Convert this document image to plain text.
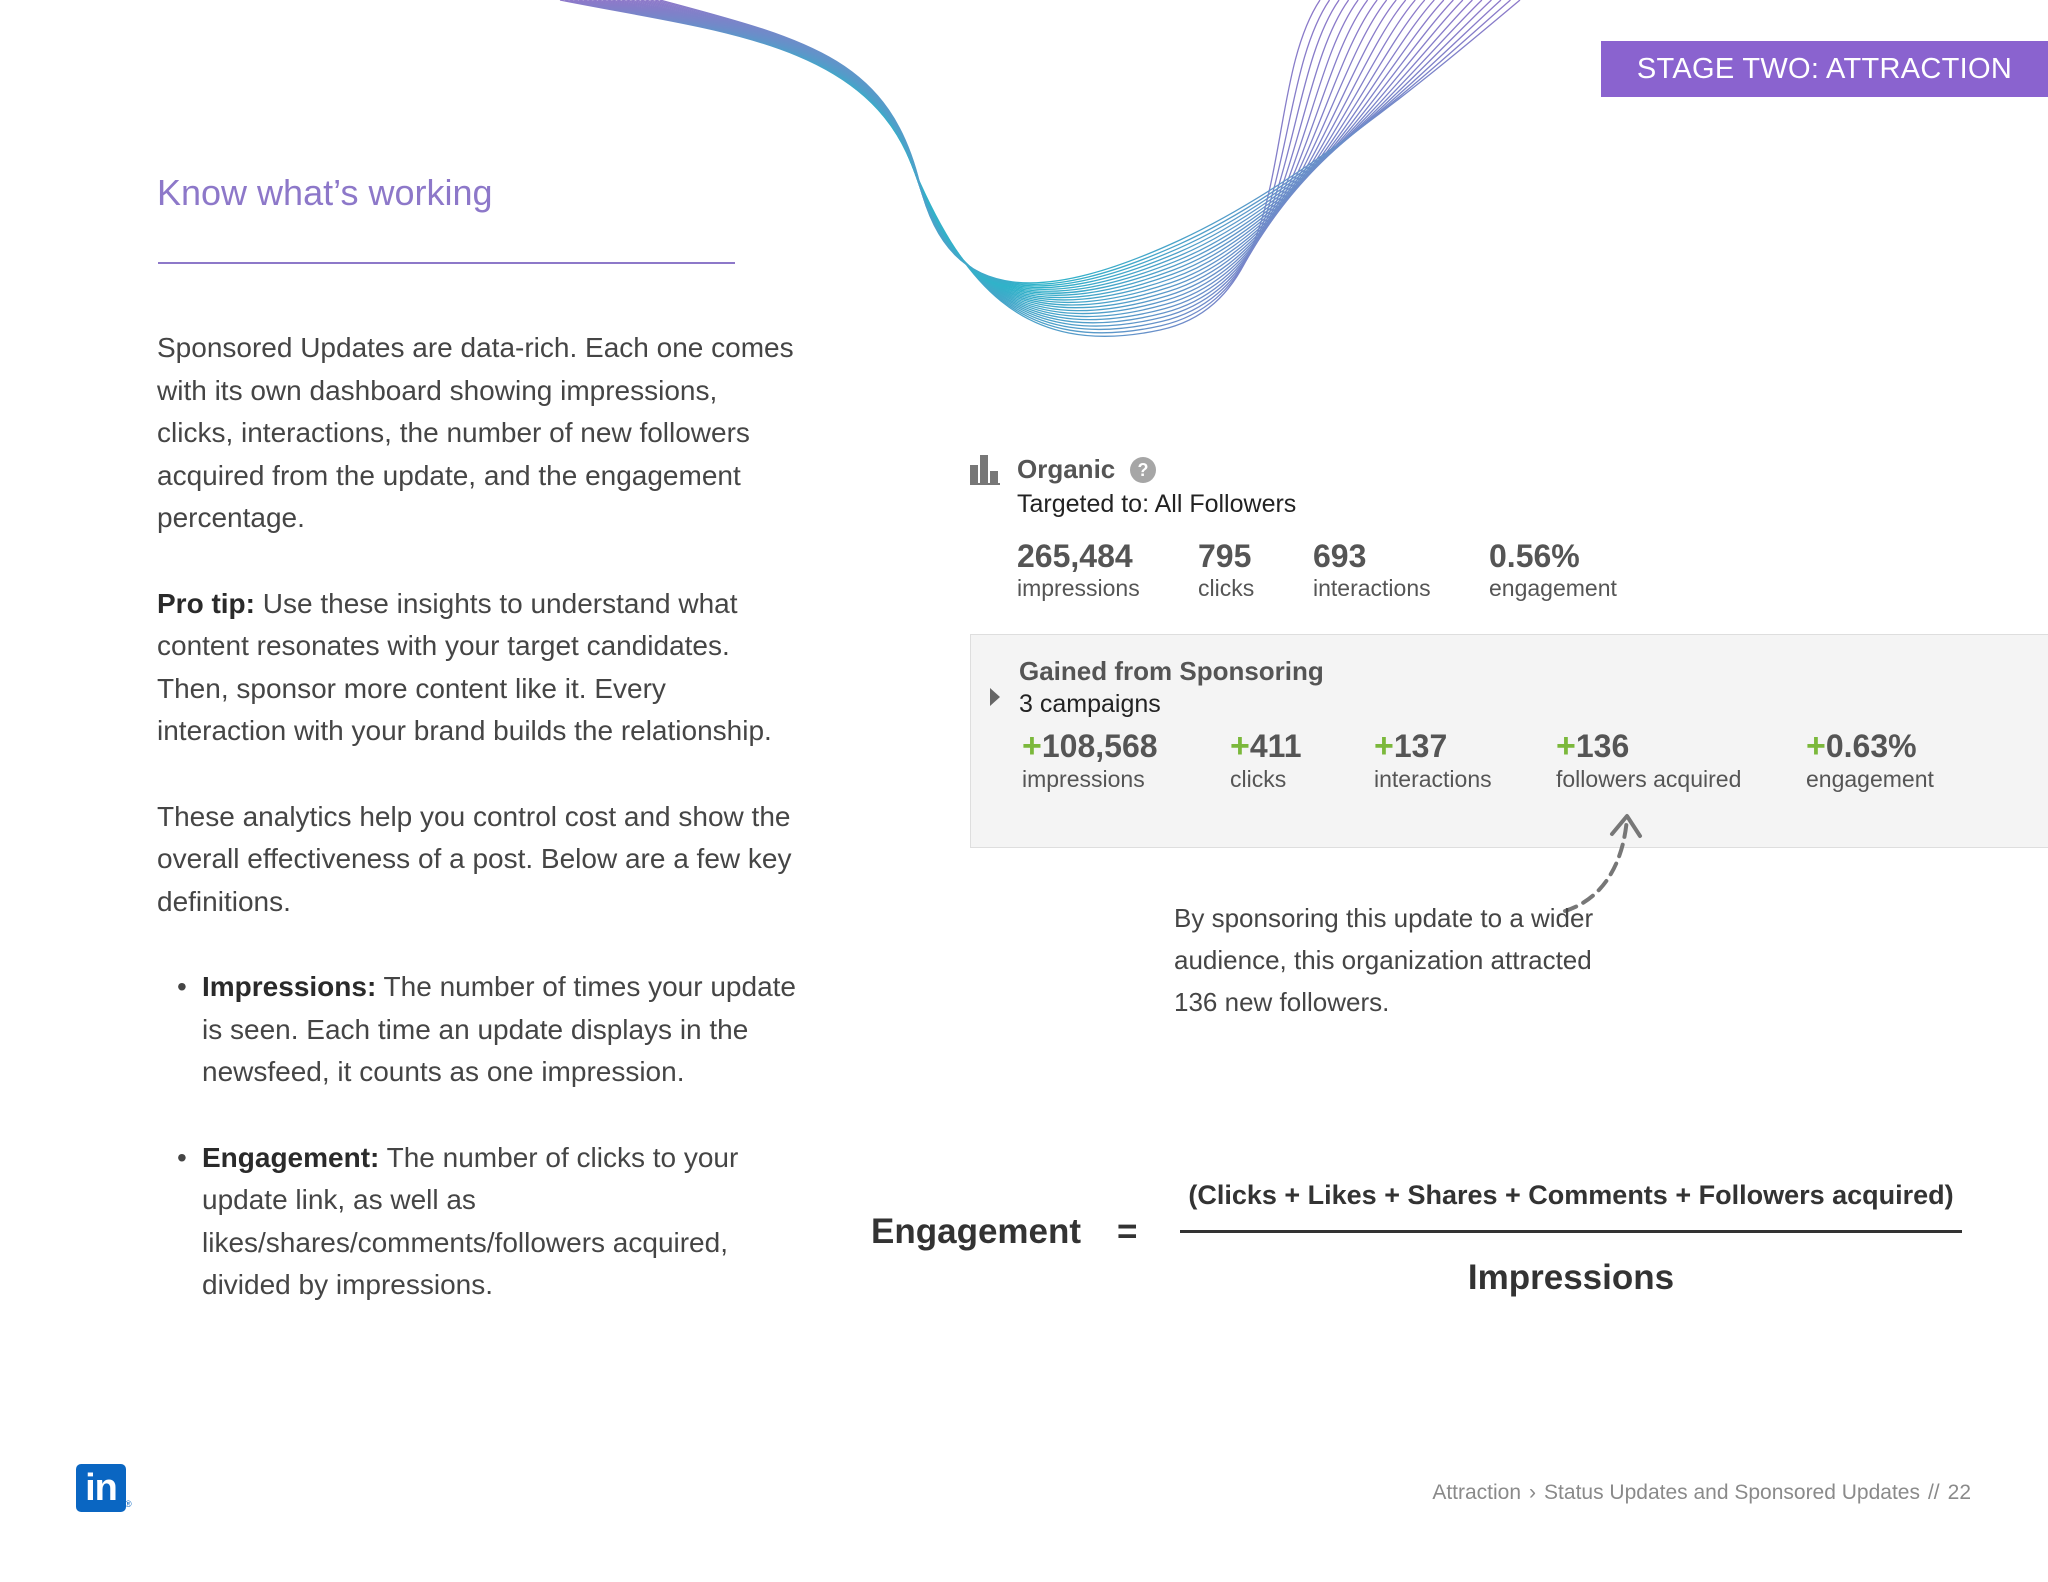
STAGE TWO: ATTRACTION
Know what’s working

Sponsored Updates are data-rich. Each one comes with its own dashboard showing impressions, clicks, interactions, the number of new followers acquired from the update, and the engagement percentage.

Pro tip: Use these insights to understand what content resonates with your target candidates. Then, sponsor more content like it. Every interaction with your brand builds the relationship.

These analytics help you control cost and show the overall effectiveness of a post. Below are a few key definitions.

• Impressions: The number of times your update is seen. Each time an update displays in the newsfeed, it counts as one impression.
• Engagement: The number of clicks to your update link, as well as likes/shares/comments/followers acquired, divided by impressions.
Organic	?
Targeted to: All Followers
265,484
impressions
795
clicks
693
interactions
0.56%
engagement
Gained from Sponsoring
3 campaigns
+108,568
impressions
+411
clicks
+137
interactions
+136
followers acquired
+0.63%
engagement
By sponsoring this update to a wider audience, this organization attracted 136 new followers.
Engagement =
(Clicks + Likes + Shares + Comments + Followers acquired)
Impressions
in ®	Attraction › Status Updates and Sponsored Updates // 22
